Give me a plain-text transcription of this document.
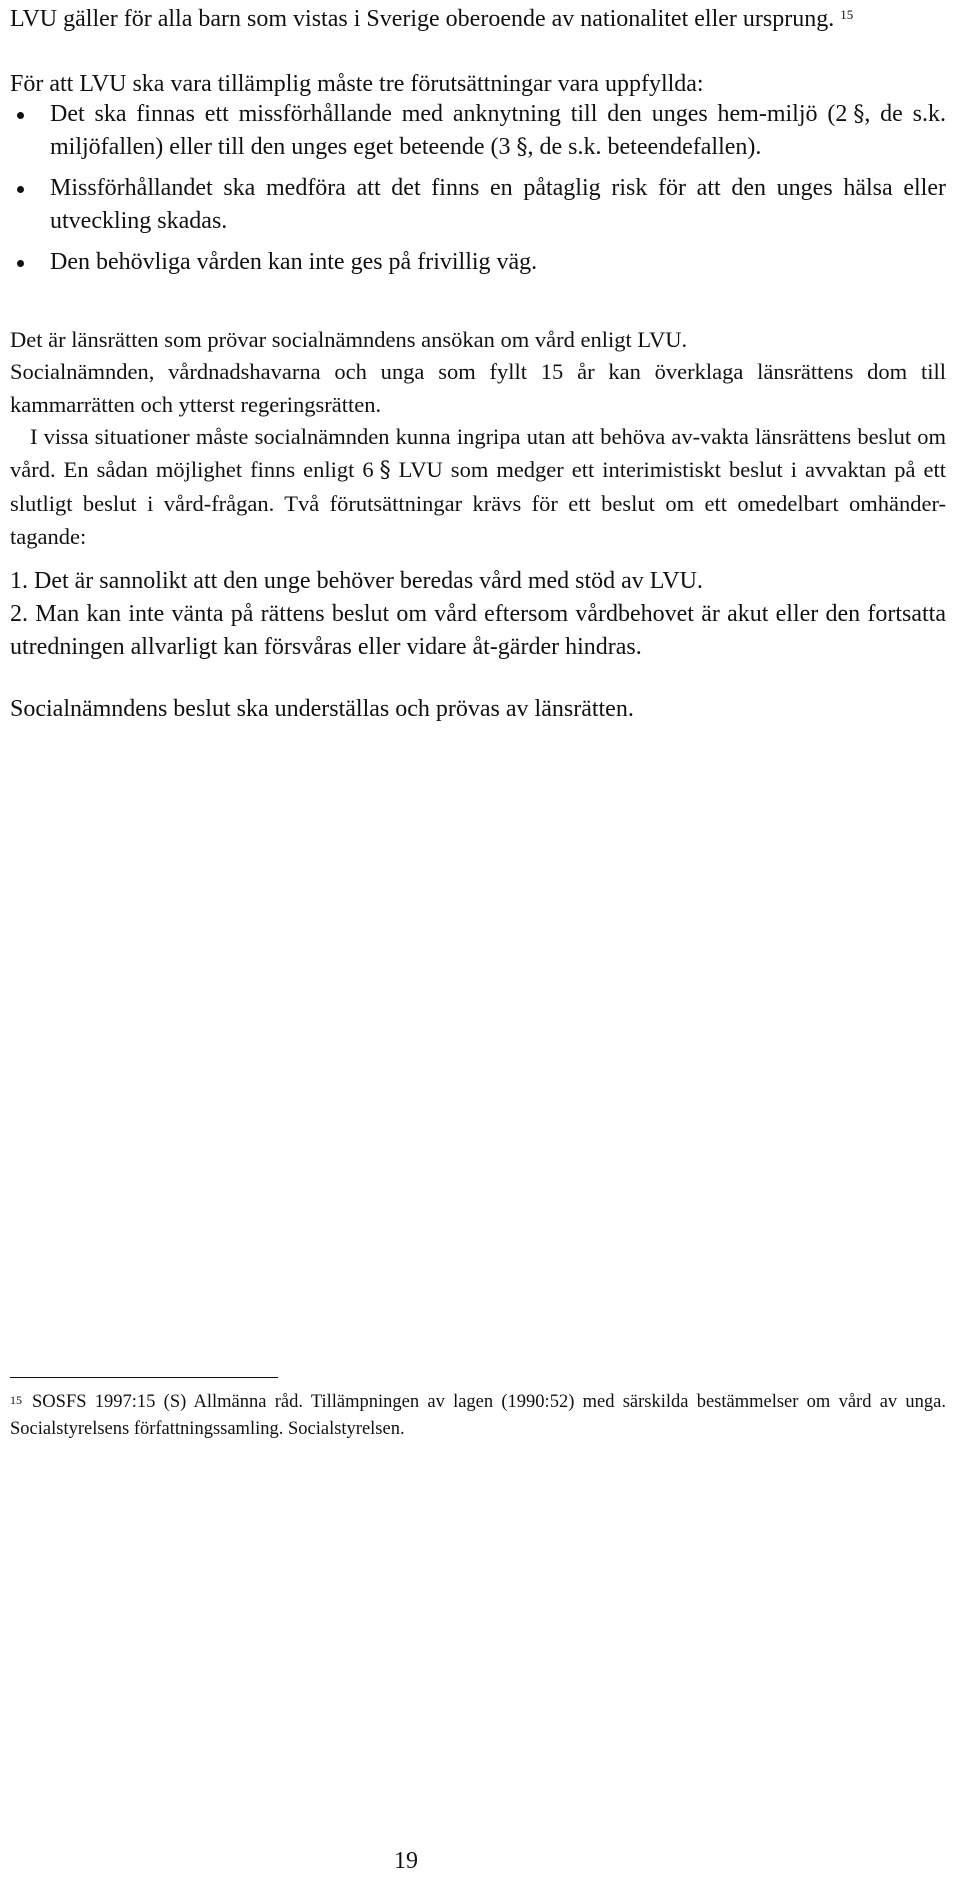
LVU gäller för alla barn som vistas i Sverige oberoende av nationalitet eller ursprung. $^{15}$

För att LVU ska vara tillämplig måste tre förutsättningar vara uppfyllda:

Det ska finnas ett missförhållande med anknytning till den unges hem-miljö (2 §, de s.k. miljöfallen) eller till den unges eget beteende (3 §, de s.k. beteendefallen).
Missförhållandet ska medföra att det finns en påtaglig risk för att den unges hälsa eller utveckling skadas.
Den behövliga vården kan inte ges på frivillig väg.

Det är länsrätten som prövar socialnämndens ansökan om vård enligt LVU.

Socialnämnden, vårdnadshavarna och unga som fyllt 15 år kan överklaga länsrättens dom till kammarrätten och ytterst regeringsrätten.

I vissa situationer måste socialnämnden kunna ingripa utan att behöva av-vakta länsrättens beslut om vård. En sådan möjlighet finns enligt 6 § LVU som medger ett interimistiskt beslut i avvaktan på ett slutligt beslut i vård-frågan. Två förutsättningar krävs för ett beslut om ett omedelbart omhänder-tagande:

1. Det är sannolikt att den unge behöver beredas vård med stöd av LVU.

2. Man kan inte vänta på rättens beslut om vård eftersom vårdbehovet är akut eller den fortsatta utredningen allvarligt kan försvåras eller vidare åt-gärder hindras.

Socialnämndens beslut ska underställas och prövas av länsrätten.

$^{15}$ SOSFS 1997:15 (S) Allmänna råd. Tillämpningen av lagen (1990:52) med särskilda bestämmelser om vård av unga. Socialstyrelsens författningssamling. Socialstyrelsen.

19
